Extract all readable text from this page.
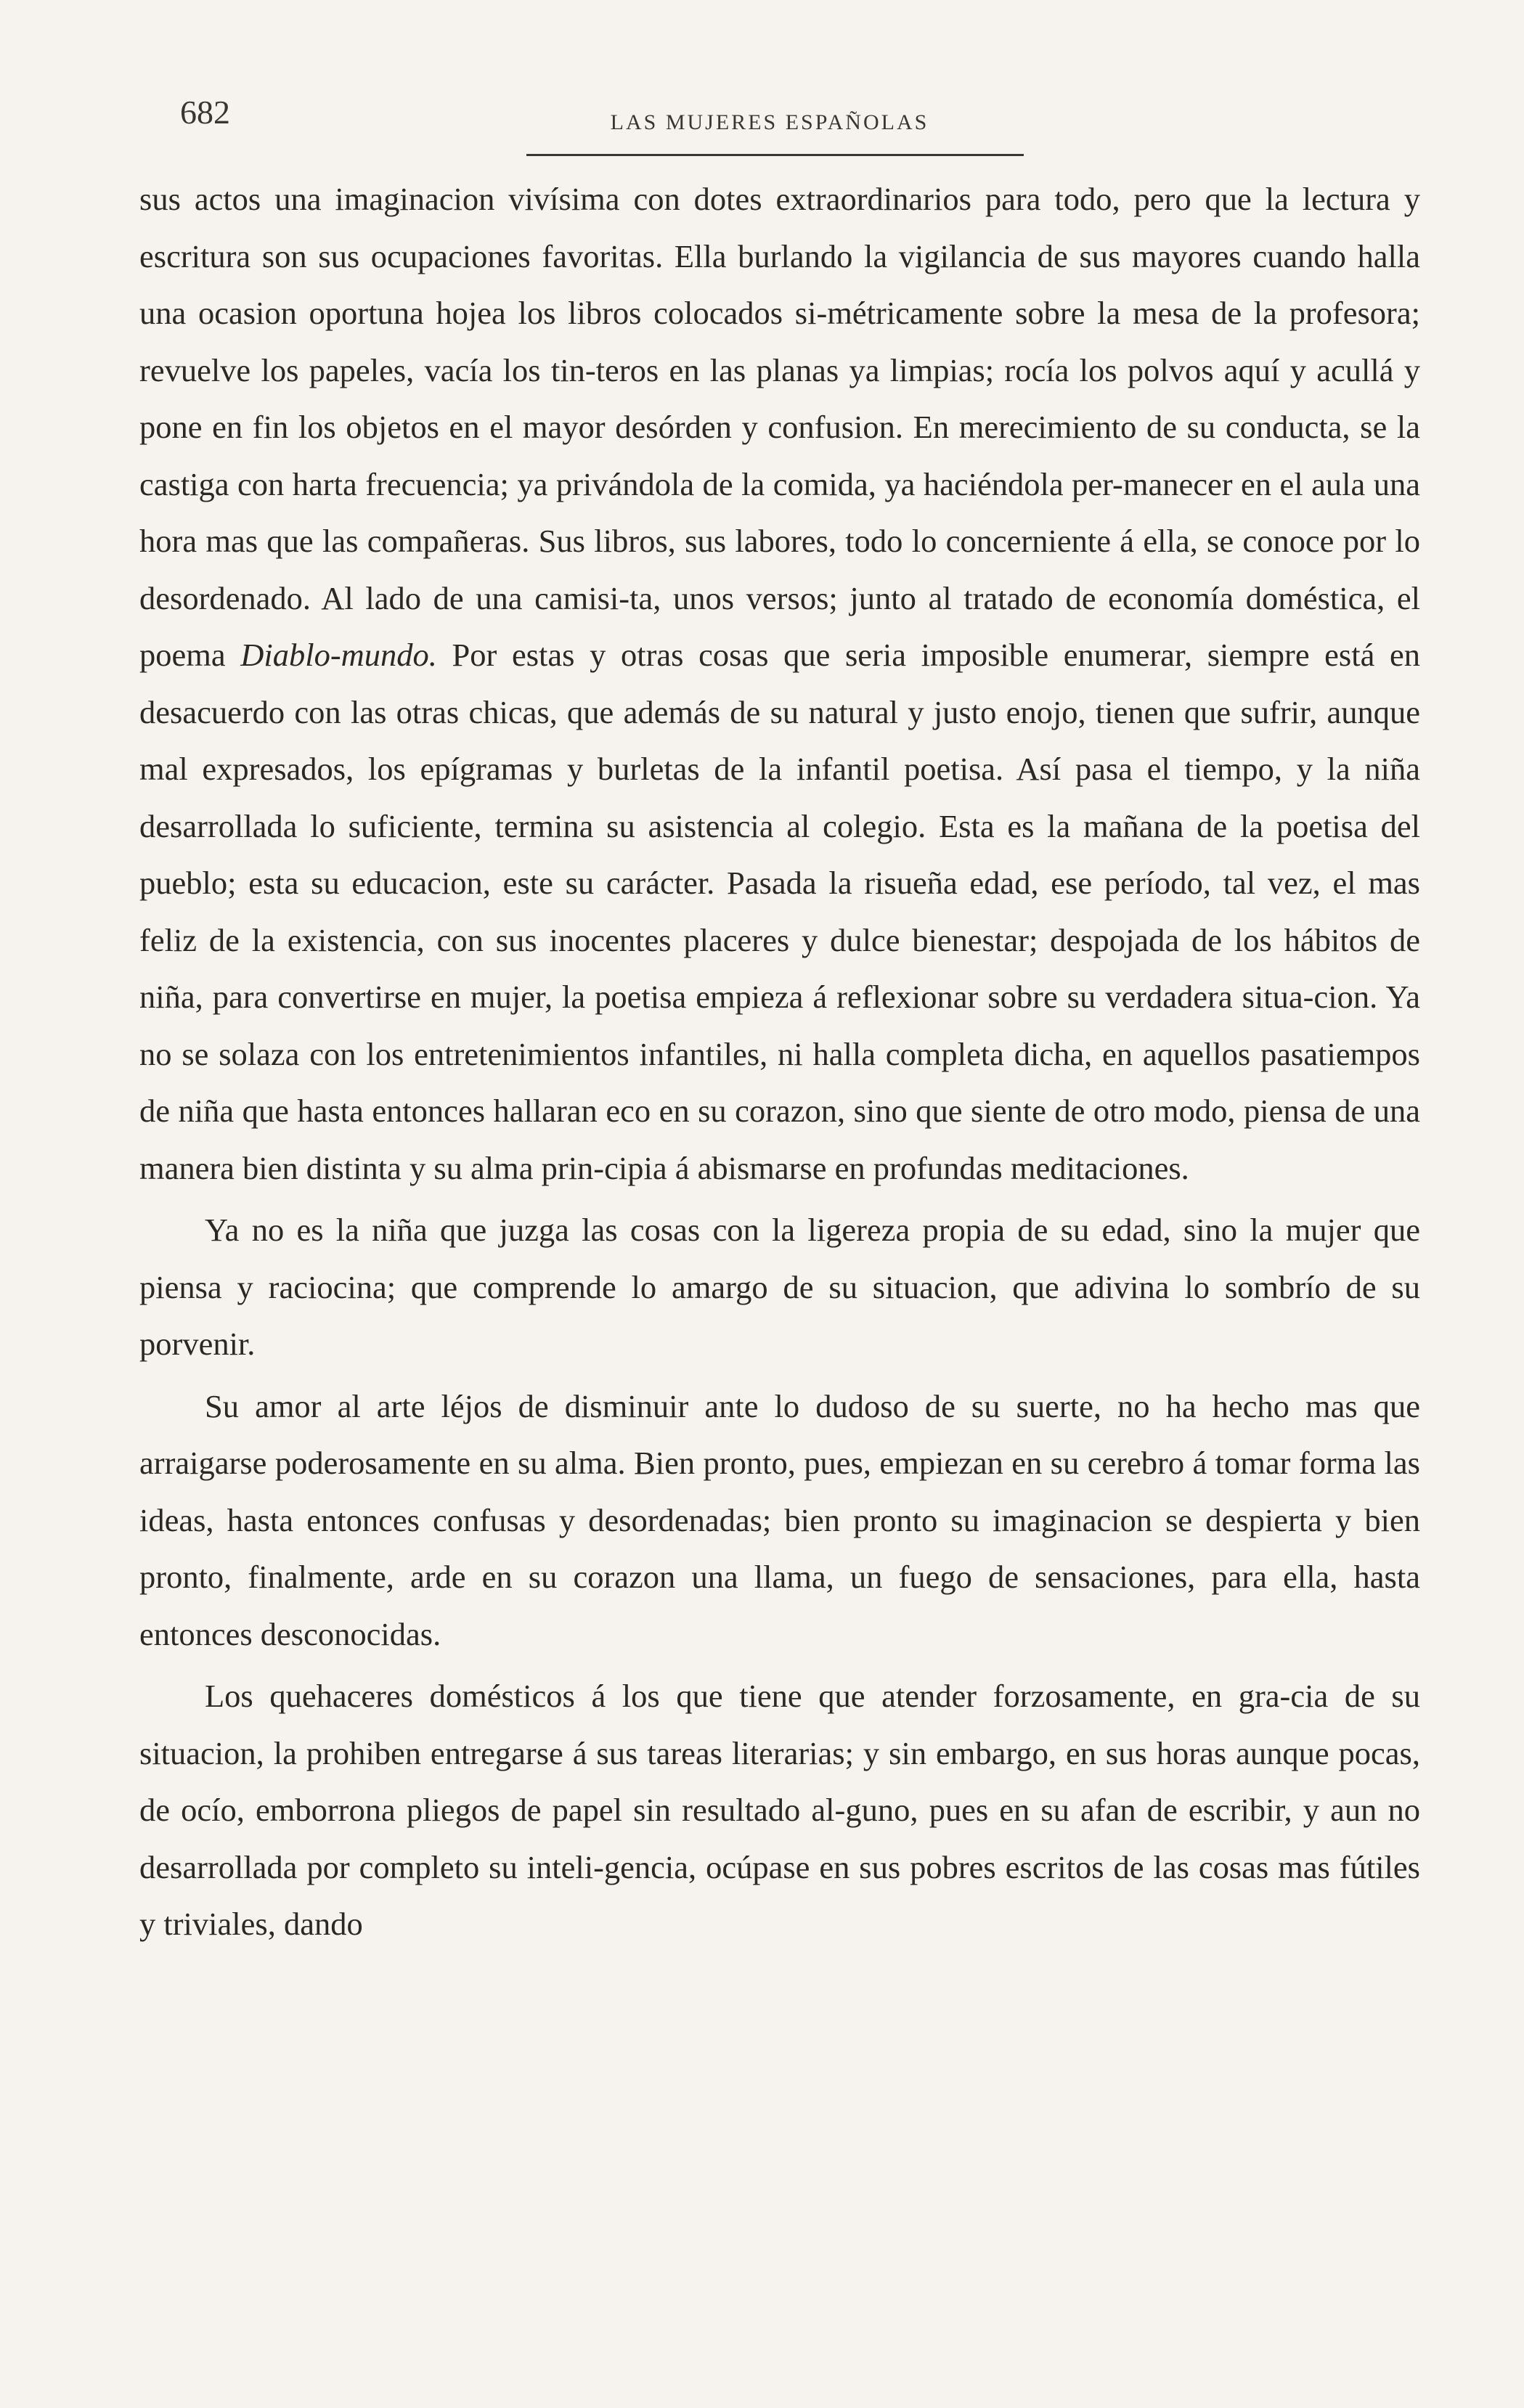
682	LAS MUJERES ESPAÑOLAS

sus actos una imaginacion vivísima con dotes extraordinarios para todo, pero que la lectura y escritura son sus ocupaciones favoritas. Ella burlando la vigilancia de sus mayores cuando halla una ocasion oportuna hojea los libros colocados si-métricamente sobre la mesa de la profesora; revuelve los papeles, vacía los tin-teros en las planas ya limpias; rocía los polvos aquí y acullá y pone en fin los objetos en el mayor desórden y confusion. En merecimiento de su conducta, se la castiga con harta frecuencia; ya privándola de la comida, ya haciéndola per-manecer en el aula una hora mas que las compañeras. Sus libros, sus labores, todo lo concerniente á ella, se conoce por lo desordenado. Al lado de una camisi-ta, unos versos; junto al tratado de economía doméstica, el poema Diablo-mundo. Por estas y otras cosas que seria imposible enumerar, siempre está en desacuerdo con las otras chicas, que además de su natural y justo enojo, tienen que sufrir, aunque mal expresados, los epígramas y burletas de la infantil poetisa. Así pasa el tiempo, y la niña desarrollada lo suficiente, termina su asistencia al colegio. Esta es la mañana de la poetisa del pueblo; esta su educacion, este su carácter. Pasada la risueña edad, ese período, tal vez, el mas feliz de la existencia, con sus inocentes placeres y dulce bienestar; despojada de los hábitos de niña, para convertirse en mujer, la poetisa empieza á reflexionar sobre su verdadera situa-cion. Ya no se solaza con los entretenimientos infantiles, ni halla completa dicha, en aquellos pasatiempos de niña que hasta entonces hallaran eco en su corazon, sino que siente de otro modo, piensa de una manera bien distinta y su alma prin-cipia á abismarse en profundas meditaciones.

Ya no es la niña que juzga las cosas con la ligereza propia de su edad, sino la mujer que piensa y raciocina; que comprende lo amargo de su situacion, que adivina lo sombrío de su porvenir.

Su amor al arte léjos de disminuir ante lo dudoso de su suerte, no ha hecho mas que arraigarse poderosamente en su alma. Bien pronto, pues, empiezan en su cerebro á tomar forma las ideas, hasta entonces confusas y desordenadas; bien pronto su imaginacion se despierta y bien pronto, finalmente, arde en su corazon una llama, un fuego de sensaciones, para ella, hasta entonces desconocidas.

Los quehaceres domésticos á los que tiene que atender forzosamente, en gra-cia de su situacion, la prohiben entregarse á sus tareas literarias; y sin embargo, en sus horas aunque pocas, de ocío, emborrona pliegos de papel sin resultado al-guno, pues en su afan de escribir, y aun no desarrollada por completo su inteli-gencia, ocúpase en sus pobres escritos de las cosas mas fútiles y triviales, dando
